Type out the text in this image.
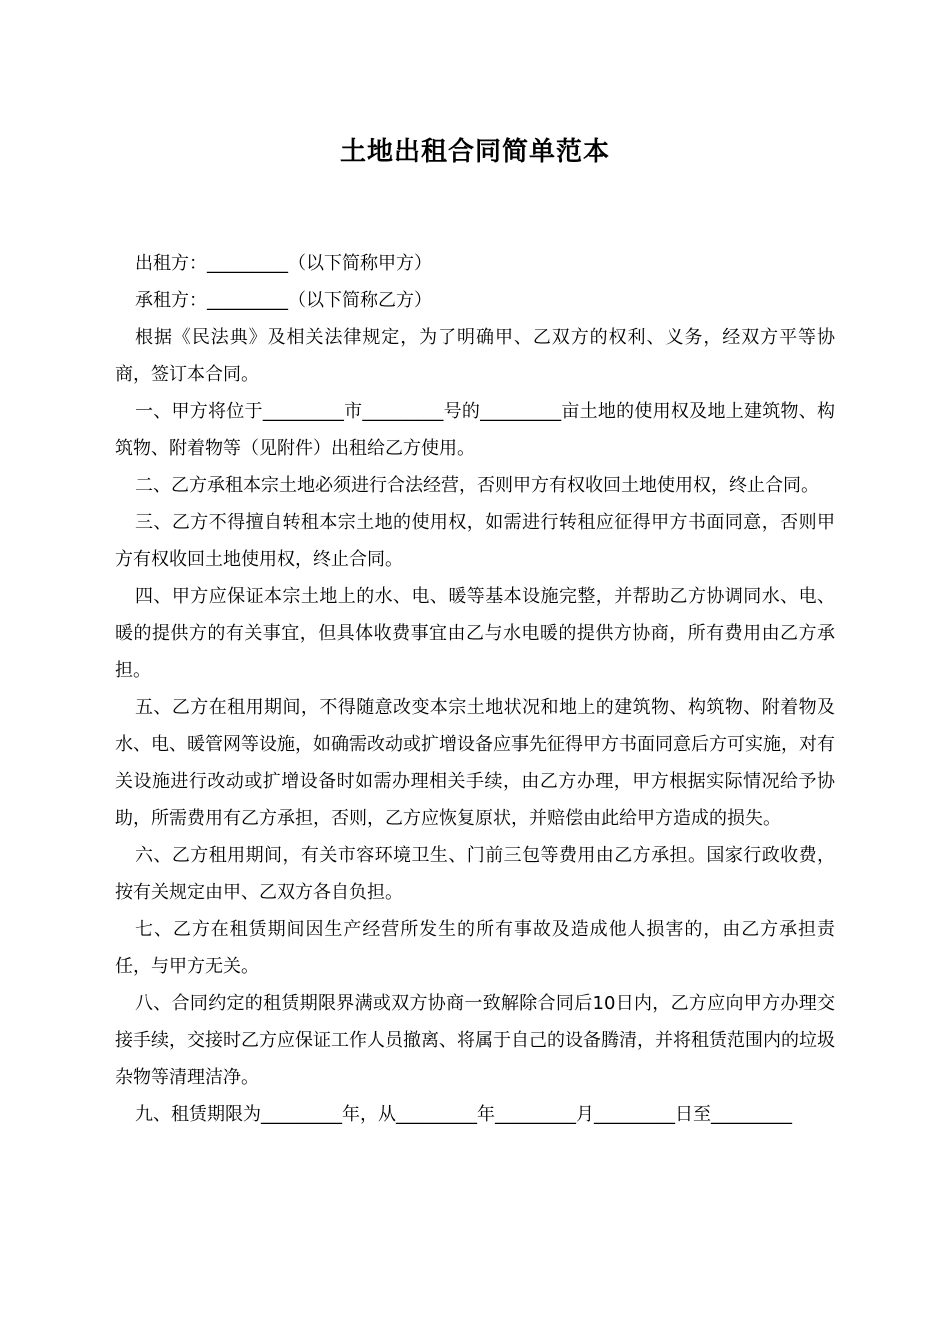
土地出租合同简单范本

出租方：_________（以下简称甲方）

承租方：_________（以下简称乙方）

根据《民法典》及相关法律规定，为了明确甲、乙双方的权利、义务，经双方平等协商，签订本合同。

一、甲方将位于_________市_________号的_________亩土地的使用权及地上建筑物、构筑物、附着物等（见附件）出租给乙方使用。

二、乙方承租本宗土地必须进行合法经营，否则甲方有权收回土地使用权，终止合同。

三、乙方不得擅自转租本宗土地的使用权，如需进行转租应征得甲方书面同意，否则甲方有权收回土地使用权，终止合同。

四、甲方应保证本宗土地上的水、电、暖等基本设施完整，并帮助乙方协调同水、电、暖的提供方的有关事宜，但具体收费事宜由乙与水电暖的提供方协商，所有费用由乙方承担。

五、乙方在租用期间，不得随意改变本宗土地状况和地上的建筑物、构筑物、附着物及水、电、暖管网等设施，如确需改动或扩增设备应事先征得甲方书面同意后方可实施，对有关设施进行改动或扩增设备时如需办理相关手续，由乙方办理，甲方根据实际情况给予协助，所需费用有乙方承担，否则，乙方应恢复原状，并赔偿由此给甲方造成的损失。

六、乙方租用期间，有关市容环境卫生、门前三包等费用由乙方承担。国家行政收费，按有关规定由甲、乙双方各自负担。

七、乙方在租赁期间因生产经营所发生的所有事故及造成他人损害的，由乙方承担责任，与甲方无关。

八、合同约定的租赁期限界满或双方协商一致解除合同后10日内，乙方应向甲方办理交接手续，交接时乙方应保证工作人员撤离、将属于自己的设备腾清，并将租赁范围内的垃圾杂物等清理洁净。

九、租赁期限为_________年，从_________年_________月_________日至_________
